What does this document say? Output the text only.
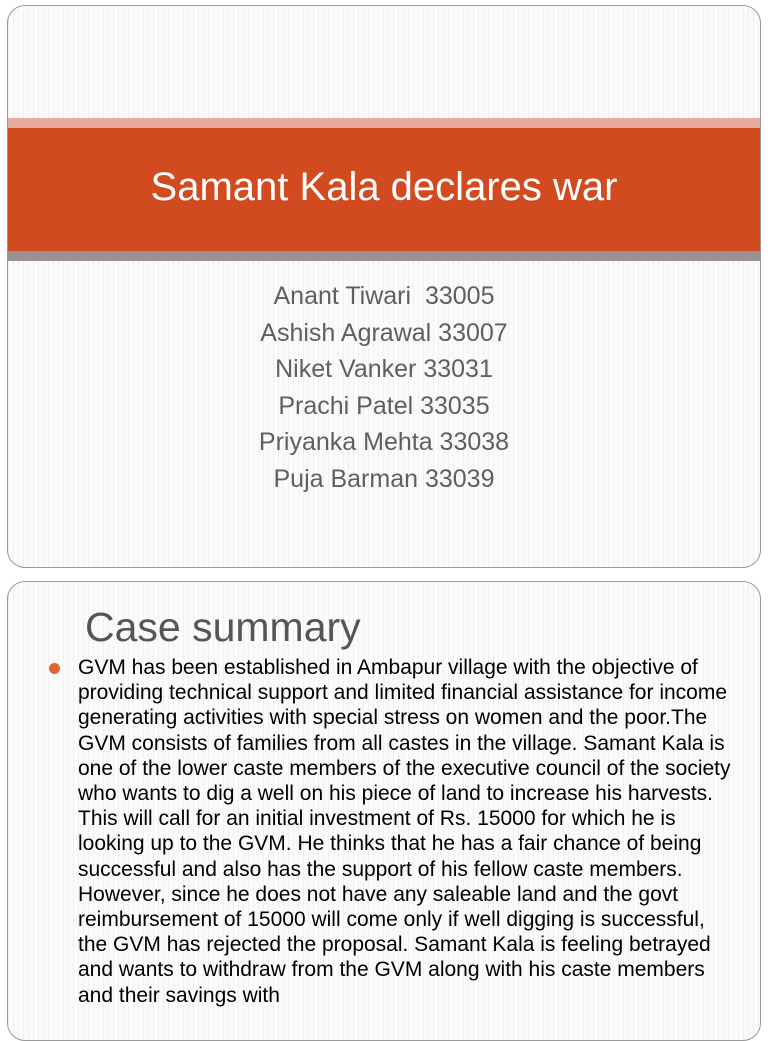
Samant Kala declares war
Anant Tiwari  33005
Ashish Agrawal 33007
Niket Vanker 33031
Prachi Patel 33035
Priyanka Mehta 33038
Puja Barman 33039
Case summary
GVM has been established in Ambapur village with the objective of providing technical support and limited financial assistance for income generating activities with special stress on women and the poor.The GVM consists of families from all castes in the village. Samant Kala is one of the lower caste members of the executive council of the society who wants to dig a well on his piece of land to increase his harvests. This will call for an initial investment of Rs. 15000 for which he is looking up to the GVM. He thinks that he has a fair chance of being successful and also has the support of his fellow caste members. However, since he does not have any saleable land and the govt reimbursement of 15000 will come only if well digging is successful, the GVM has rejected the proposal. Samant Kala is feeling betrayed and wants to withdraw from the GVM along with his caste members and their savings with
